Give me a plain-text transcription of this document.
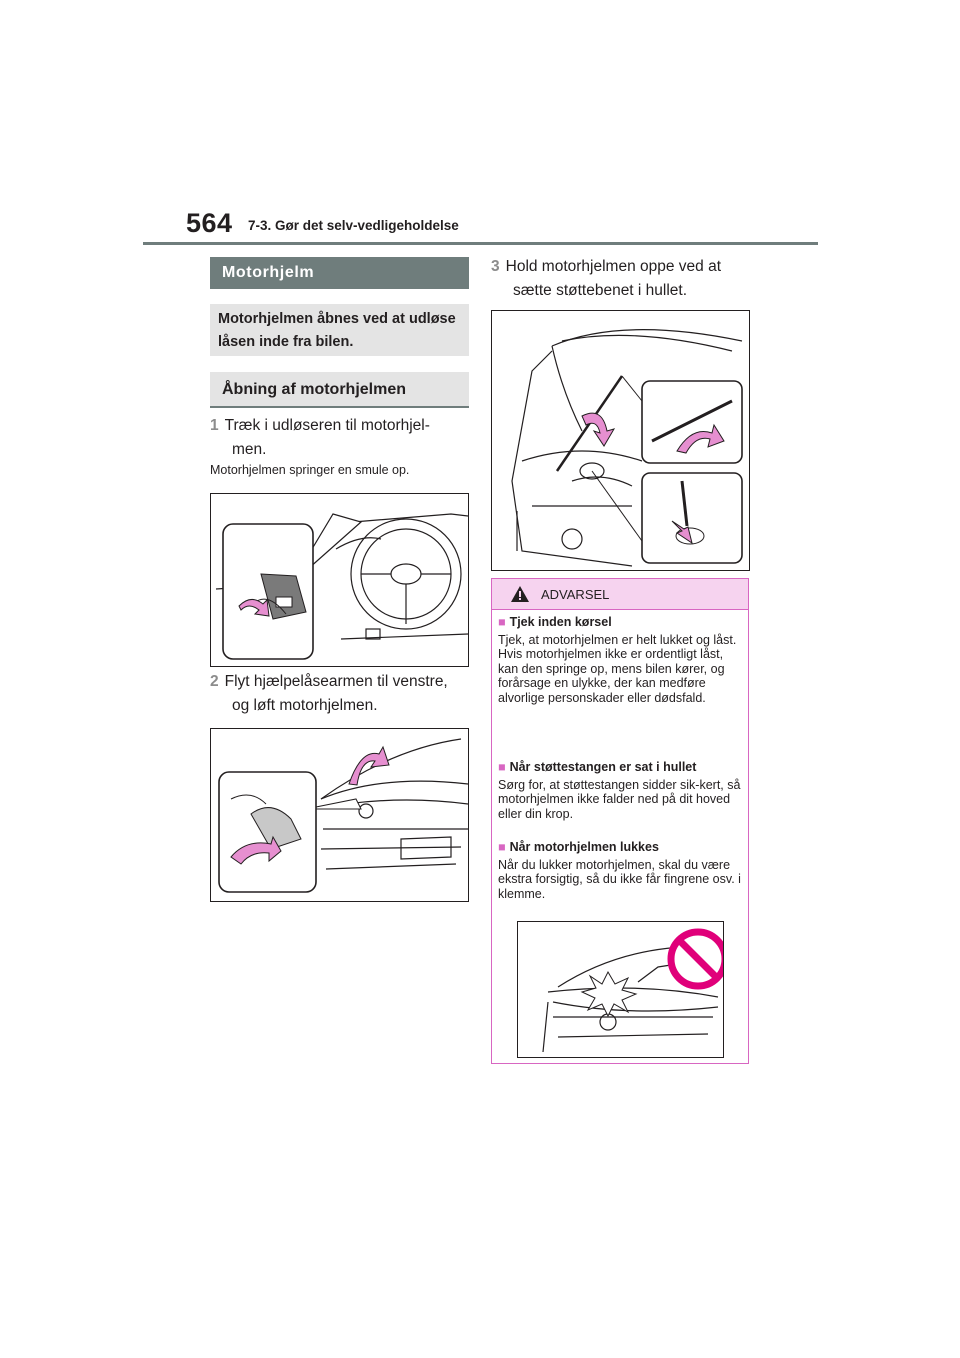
564 7-3. Gør det selv-vedligeholdelse
Motorhjelm
Motorhjelmen åbnes ved at udløse låsen inde fra bilen.
Åbning af motorhjelmen
1 Træk i udløseren til motorhjel-
men.
Motorhjelmen springer en smule op.
2 Flyt hjælpelåsearmen til venstre,
og løft motorhjelmen.
3 Hold motorhjelmen oppe ved at
sætte støttebenet i hullet.
ADVARSEL
■ Tjek inden kørsel
Tjek, at motorhjelmen er helt lukket og låst. Hvis motorhjelmen ikke er ordentligt låst, kan den springe op, mens bilen kører, og forårsage en ulykke, der kan medføre alvorlige personskader eller dødsfald.
■ Når støttestangen er sat i hullet
Sørg for, at støttestangen sidder sik-kert, så motorhjelmen ikke falder ned på dit hoved eller din krop.
■ Når motorhjelmen lukkes
Når du lukker motorhjelmen, skal du være ekstra forsigtig, så du ikke får fingrene osv. i klemme.
